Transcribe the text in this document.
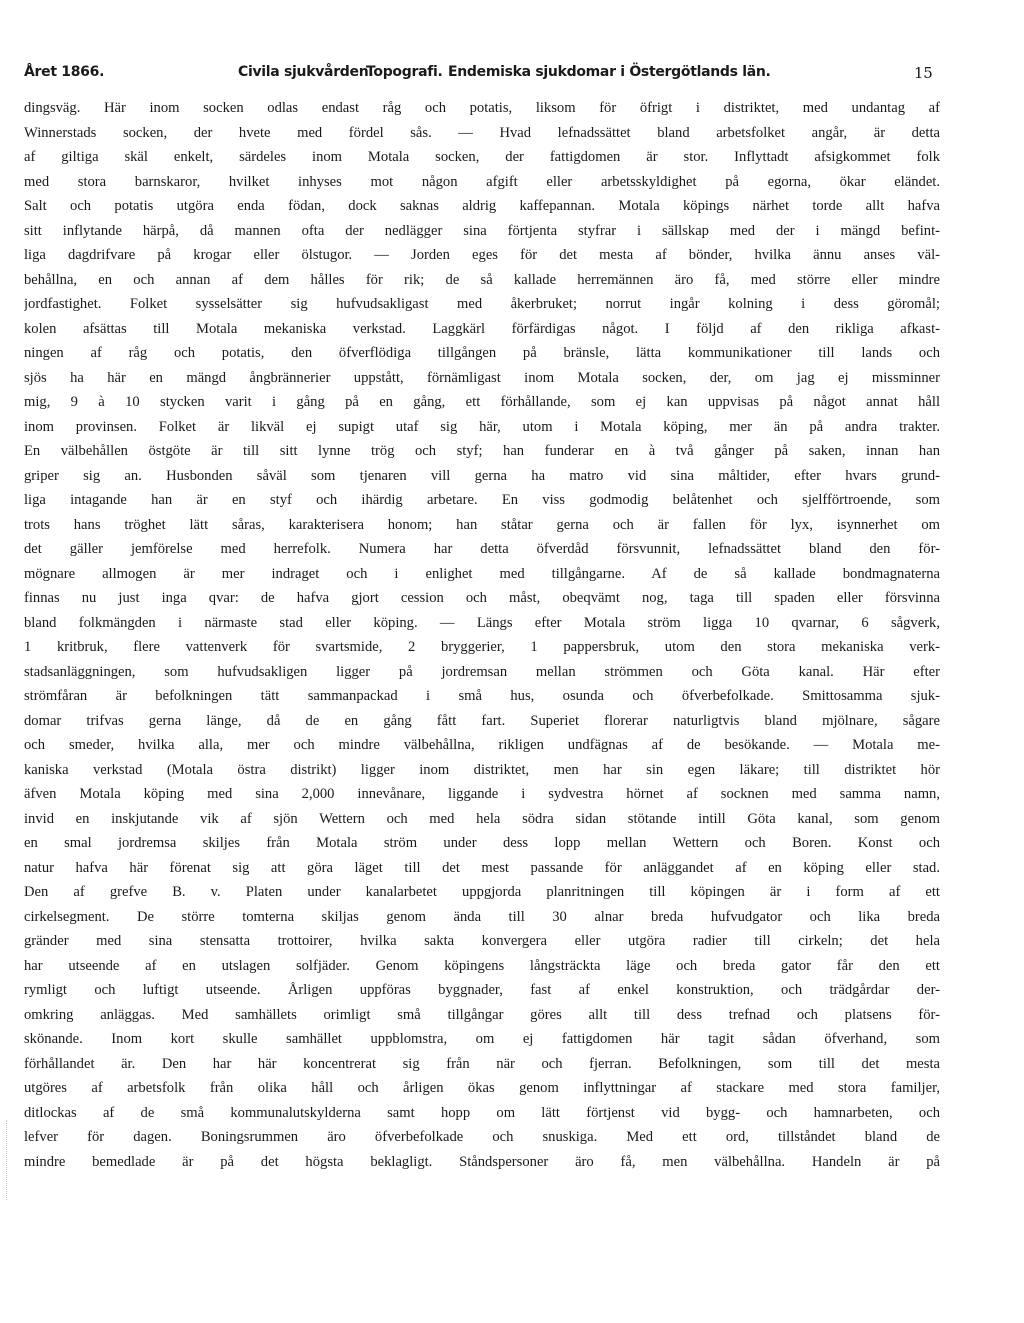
Året 1866.	Civila sjukvården.
Topografi. Endemiska sjukdomar i Östergötlands län.	15
dingsväg. Här inom socken odlas endast råg och potatis, liksom för öfrigt i distriktet, med undantag af
Winnerstads socken, der hvete med fördel sås. — Hvad lefnadssättet bland arbetsfolket angår, är detta
af giltiga skäl enkelt, särdeles inom Motala socken, der fattigdomen är stor. Inflyttadt afsigkommet folk
med stora barnskaror, hvilket inhyses mot någon afgift eller arbetsskyldighet på egorna, ökar eländet.
Salt och potatis utgöra enda födan, dock saknas aldrig kaffepannan. Motala köpings närhet torde allt hafva
sitt inflytande härpå, då mannen ofta der nedlägger sina förtjenta styfrar i sällskap med der i mängd befint-
liga dagdrifvare på krogar eller ölstugor. — Jorden eges för det mesta af bönder, hvilka ännu anses väl-
behållna, en och annan af dem hålles för rik; de så kallade herremännen äro få, med större eller mindre
jordfastighet. Folket sysselsätter sig hufvudsakligast med åkerbruket; norrut ingår kolning i dess göromål;
kolen afsättas till Motala mekaniska verkstad. Laggkärl förfärdigas något. I följd af den rikliga afkast-
ningen af råg och potatis, den öfverflödiga tillgången på bränsle, lätta kommunikationer till lands och
sjös ha här en mängd ångbrännerier uppstått, förnämligast inom Motala socken, der, om jag ej missminner
mig, 9 à 10 stycken varit i gång på en gång, ett förhållande, som ej kan uppvisas på något annat håll
inom provinsen. Folket är likväl ej supigt utaf sig här, utom i Motala köping, mer än på andra trakter.
En välbehållen östgöte är till sitt lynne trög och styf; han funderar en à två gånger på saken, innan han
griper sig an. Husbonden såväl som tjenaren vill gerna ha matro vid sina måltider, efter hvars grund-
liga intagande han är en styf och ihärdig arbetare. En viss godmodig belåtenhet och sjelfförtroende, som
trots hans tröghet lätt såras, karakterisera honom; han ståtar gerna och är fallen för lyx, isynnerhet om
det gäller jemförelse med herrefolk. Numera har detta öfverdåd försvunnit, lefnadssättet bland den för-
mögnare allmogen är mer indraget och i enlighet med tillgångarne. Af de så kallade bondmagnaterna
finnas nu just inga qvar: de hafva gjort cession och måst, obeqvämt nog, taga till spaden eller försvinna
bland folkmängden i närmaste stad eller köping. — Längs efter Motala ström ligga 10 qvarnar, 6 sågverk,
1 kritbruk, flere vattenverk för svartsmide, 2 bryggerier, 1 pappersbruk, utom den stora mekaniska verk-
stadsanläggningen, som hufvudsakligen ligger på jordremsan mellan strömmen och Göta kanal. Här efter
strömfåran är befolkningen tätt sammanpackad i små hus, osunda och öfverbefolkade. Smittosamma sjuk-
domar trifvas gerna länge, då de en gång fått fart. Superiet florerar naturligtvis bland mjölnare, sågare
och smeder, hvilka alla, mer och mindre välbehållna, rikligen undfägnas af de besökande. — Motala me-
kaniska verkstad (Motala östra distrikt) ligger inom distriktet, men har sin egen läkare; till distriktet hör
äfven Motala köping med sina 2,000 innevånare, liggande i sydvestra hörnet af socknen med samma namn,
invid en inskjutande vik af sjön Wettern och med hela södra sidan stötande intill Göta kanal, som genom
en smal jordremsa skiljes från Motala ström under dess lopp mellan Wettern och Boren. Konst och
natur hafva här förenat sig att göra läget till det mest passande för anläggandet af en köping eller stad.
Den af grefve B. v. Platen under kanalarbetet uppgjorda planritningen till köpingen är i form af ett
cirkelsegment. De större tomterna skiljas genom ända till 30 alnar breda hufvudgator och lika breda
gränder med sina stensatta trottoirer, hvilka sakta konvergera eller utgöra radier till cirkeln; det hela
har utseende af en utslagen solfjäder. Genom köpingens långsträckta läge och breda gator får den ett
rymligt och luftigt utseende. Årligen uppföras byggnader, fast af enkel konstruktion, och trädgårdar der-
omkring anläggas. Med samhällets orimligt små tillgångar göres allt till dess trefnad och platsens för-
skönande. Inom kort skulle samhället uppblomstra, om ej fattigdomen här tagit sådan öfverhand, som
förhållandet är. Den har här koncentrerat sig från när och fjerran. Befolkningen, som till det mesta
utgöres af arbetsfolk från olika håll och årligen ökas genom inflyttningar af stackare med stora familjer,
ditlockas af de små kommunalutskylderna samt hopp om lätt förtjenst vid bygg- och hamnarbeten, och
lefver för dagen. Boningsrummen äro öfverbefolkade och snuskiga. Med ett ord, tillståndet bland de
mindre bemedlade är på det högsta beklagligt. Ståndspersoner äro få, men välbehållna. Handeln är på
